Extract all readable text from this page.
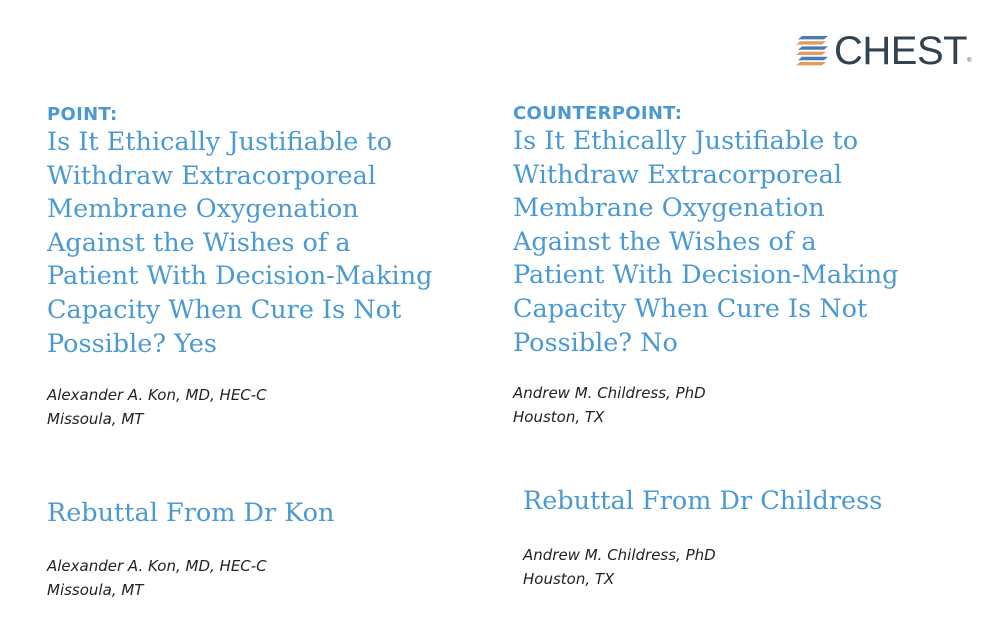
CHEST ®
POINT:
Is It Ethically Justifiable to
Withdraw Extracorporeal
Membrane Oxygenation
Against the Wishes of a
Patient With Decision-Making
Capacity When Cure Is Not
Possible? Yes
Alexander A. Kon, MD, HEC-C
Missoula, MT
COUNTERPOINT:
Is It Ethically Justifiable to
Withdraw Extracorporeal
Membrane Oxygenation
Against the Wishes of a
Patient With Decision-Making
Capacity When Cure Is Not
Possible? No
Andrew M. Childress, PhD
Houston, TX
Rebuttal From Dr Kon
Alexander A. Kon, MD, HEC-C
Missoula, MT
Rebuttal From Dr Childress
Andrew M. Childress, PhD
Houston, TX
